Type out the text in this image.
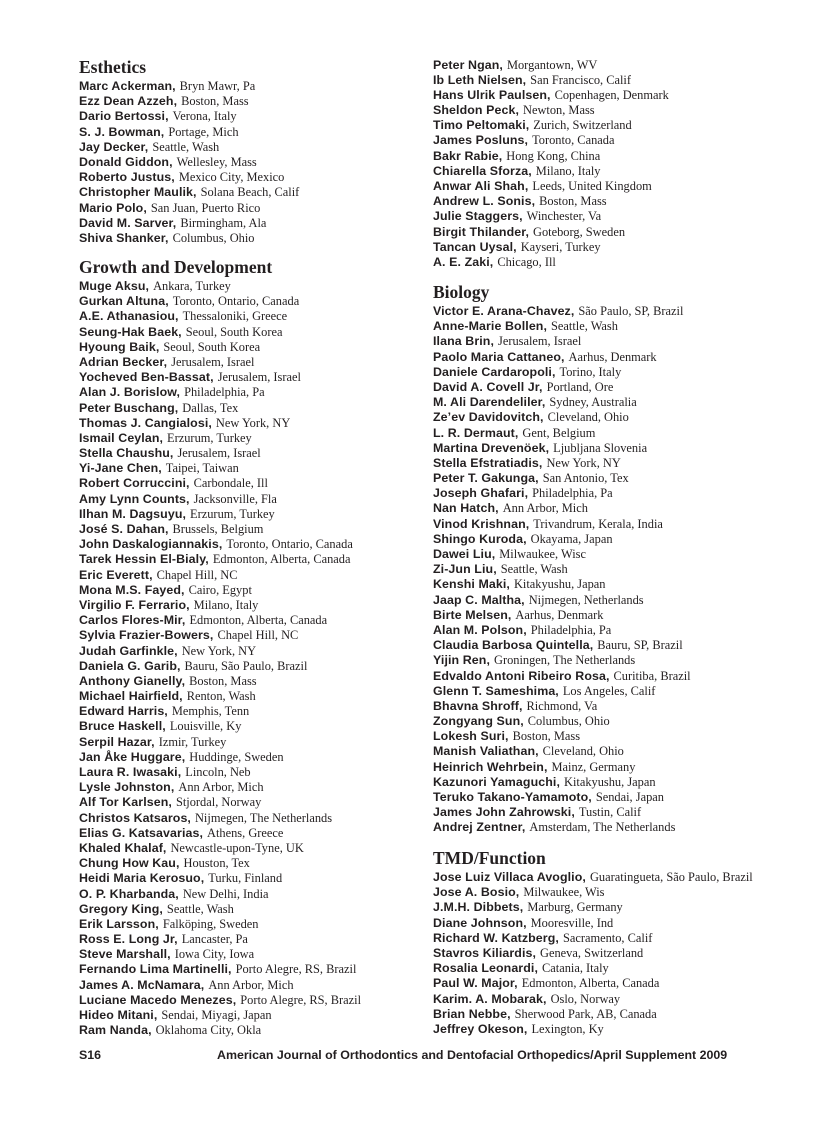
Esthetics
Marc Ackerman, Bryn Mawr, Pa
Ezz Dean Azzeh, Boston, Mass
Dario Bertossi, Verona, Italy
S. J. Bowman, Portage, Mich
Jay Decker, Seattle, Wash
Donald Giddon, Wellesley, Mass
Roberto Justus, Mexico City, Mexico
Christopher Maulik, Solana Beach, Calif
Mario Polo, San Juan, Puerto Rico
David M. Sarver, Birmingham, Ala
Shiva Shanker, Columbus, Ohio
Growth and Development
Muge Aksu, Ankara, Turkey
Gurkan Altuna, Toronto, Ontario, Canada
A.E. Athanasiou, Thessaloniki, Greece
Seung-Hak Baek, Seoul, South Korea
Hyoung Baik, Seoul, South Korea
Adrian Becker, Jerusalem, Israel
Yocheved Ben-Bassat, Jerusalem, Israel
Alan J. Borislow, Philadelphia, Pa
Peter Buschang, Dallas, Tex
Thomas J. Cangialosi, New York, NY
Ismail Ceylan, Erzurum, Turkey
Stella Chaushu, Jerusalem, Israel
Yi-Jane Chen, Taipei, Taiwan
Robert Corruccini, Carbondale, Ill
Amy Lynn Counts, Jacksonville, Fla
Ilhan M. Dagsuyu, Erzurum, Turkey
José S. Dahan, Brussels, Belgium
John Daskalogiannakis, Toronto, Ontario, Canada
Tarek Hessin El-Bialy, Edmonton, Alberta, Canada
Eric Everett, Chapel Hill, NC
Mona M.S. Fayed, Cairo, Egypt
Virgilio F. Ferrario, Milano, Italy
Carlos Flores-Mir, Edmonton, Alberta, Canada
Sylvia Frazier-Bowers, Chapel Hill, NC
Judah Garfinkle, New York, NY
Daniela G. Garib, Bauru, São Paulo, Brazil
Anthony Gianelly, Boston, Mass
Michael Hairfield, Renton, Wash
Edward Harris, Memphis, Tenn
Bruce Haskell, Louisville, Ky
Serpil Hazar, Izmir, Turkey
Jan Åke Huggare, Huddinge, Sweden
Laura R. Iwasaki, Lincoln, Neb
Lysle Johnston, Ann Arbor, Mich
Alf Tor Karlsen, Stjordal, Norway
Christos Katsaros, Nijmegen, The Netherlands
Elias G. Katsavarias, Athens, Greece
Khaled Khalaf, Newcastle-upon-Tyne, UK
Chung How Kau, Houston, Tex
Heidi Maria Kerosuo, Turku, Finland
O. P. Kharbanda, New Delhi, India
Gregory King, Seattle, Wash
Erik Larsson, Falköping, Sweden
Ross E. Long Jr, Lancaster, Pa
Steve Marshall, Iowa City, Iowa
Fernando Lima Martinelli, Porto Alegre, RS, Brazil
James A. McNamara, Ann Arbor, Mich
Luciane Macedo Menezes, Porto Alegre, RS, Brazil
Hideo Mitani, Sendai, Miyagi, Japan
Ram Nanda, Oklahoma City, Okla
Peter Ngan, Morgantown, WV
Ib Leth Nielsen, San Francisco, Calif
Hans Ulrik Paulsen, Copenhagen, Denmark
Sheldon Peck, Newton, Mass
Timo Peltomaki, Zurich, Switzerland
James Posluns, Toronto, Canada
Bakr Rabie, Hong Kong, China
Chiarella Sforza, Milano, Italy
Anwar Ali Shah, Leeds, United Kingdom
Andrew L. Sonis, Boston, Mass
Julie Staggers, Winchester, Va
Birgit Thilander, Goteborg, Sweden
Tancan Uysal, Kayseri, Turkey
A. E. Zaki, Chicago, Ill
Biology
Victor E. Arana-Chavez, São Paulo, SP, Brazil
Anne-Marie Bollen, Seattle, Wash
Ilana Brin, Jerusalem, Israel
Paolo Maria Cattaneo, Aarhus, Denmark
Daniele Cardaropoli, Torino, Italy
David A. Covell Jr, Portland, Ore
M. Ali Darendeliler, Sydney, Australia
Ze’ev Davidovitch, Cleveland, Ohio
L. R. Dermaut, Gent, Belgium
Martina Drevenöek, Ljubljana Slovenia
Stella Efstratiadis, New York, NY
Peter T. Gakunga, San Antonio, Tex
Joseph Ghafari, Philadelphia, Pa
Nan Hatch, Ann Arbor, Mich
Vinod Krishnan, Trivandrum, Kerala, India
Shingo Kuroda, Okayama, Japan
Dawei Liu, Milwaukee, Wisc
Zi-Jun Liu, Seattle, Wash
Kenshi Maki, Kitakyushu, Japan
Jaap C. Maltha, Nijmegen, Netherlands
Birte Melsen, Aarhus, Denmark
Alan M. Polson, Philadelphia, Pa
Claudia Barbosa Quintella, Bauru, SP, Brazil
Yijin Ren, Groningen, The Netherlands
Edvaldo Antoni Ribeiro Rosa, Curitiba, Brazil
Glenn T. Sameshima, Los Angeles, Calif
Bhavna Shroff, Richmond, Va
Zongyang Sun, Columbus, Ohio
Lokesh Suri, Boston, Mass
Manish Valiathan, Cleveland, Ohio
Heinrich Wehrbein, Mainz, Germany
Kazunori Yamaguchi, Kitakyushu, Japan
Teruko Takano-Yamamoto, Sendai, Japan
James John Zahrowski, Tustin, Calif
Andrej Zentner, Amsterdam, The Netherlands
TMD/Function
Jose Luiz Villaca Avoglio, Guaratingueta, São Paulo, Brazil
Jose A. Bosio, Milwaukee, Wis
J.M.H. Dibbets, Marburg, Germany
Diane Johnson, Mooresville, Ind
Richard W. Katzberg, Sacramento, Calif
Stavros Kiliardis, Geneva, Switzerland
Rosalia Leonardi, Catania, Italy
Paul W. Major, Edmonton, Alberta, Canada
Karim. A. Mobarak, Oslo, Norway
Brian Nebbe, Sherwood Park, AB, Canada
Jeffrey Okeson, Lexington, Ky
S16	American Journal of Orthodontics and Dentofacial Orthopedics/April Supplement 2009
